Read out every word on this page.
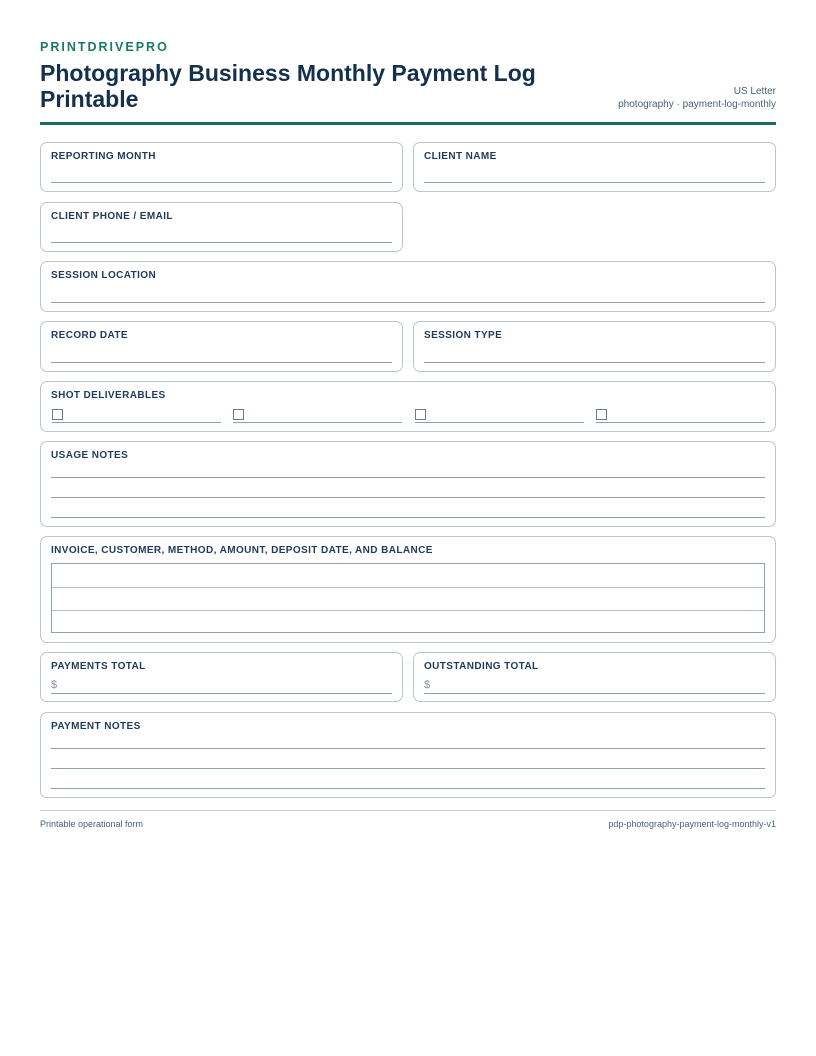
PRINTDRIVEPRO
Photography Business Monthly Payment Log Printable	US Letter
photography · payment-log-monthly
REPORTING MONTH	CLIENT NAME
CLIENT PHONE / EMAIL
SESSION LOCATION
RECORD DATE	SESSION TYPE
SHOT DELIVERABLES
USAGE NOTES
INVOICE, CUSTOMER, METHOD, AMOUNT, DEPOSIT DATE, AND BALANCE
PAYMENTS TOTAL
$
OUTSTANDING TOTAL
$
PAYMENT NOTES
Printable operational form	pdp-photography-payment-log-monthly-v1
